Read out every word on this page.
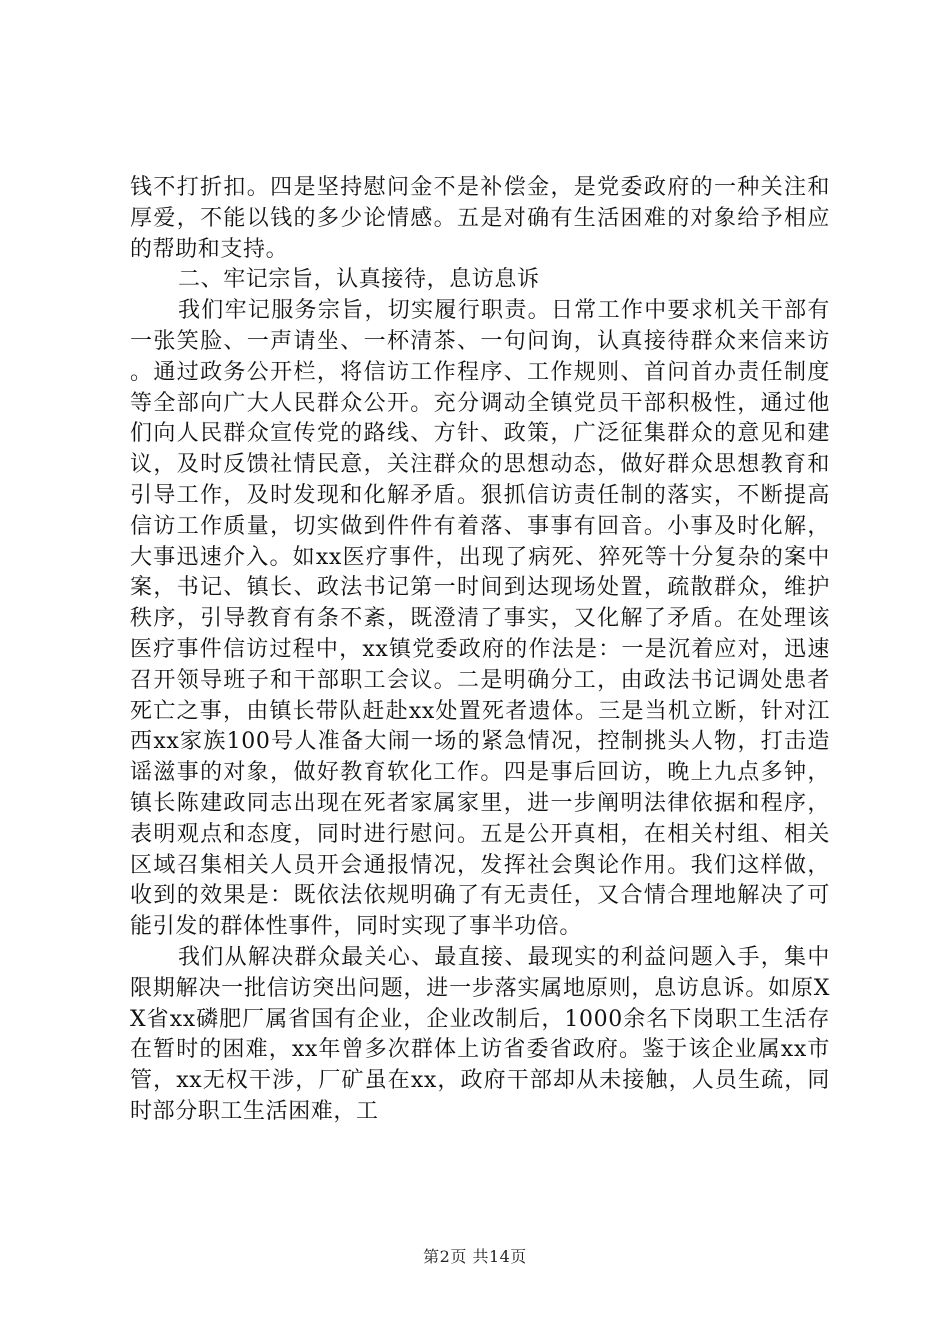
钱不打折扣。四是坚持慰问金不是补偿金，是党委政府的一种关注和厚爱，不能以钱的多少论情感。五是对确有生活困难的对象给予相应的帮助和支持。

二、牢记宗旨，认真接待，息访息诉

我们牢记服务宗旨，切实履行职责。日常工作中要求机关干部有一张笑脸、一声请坐、一杯清茶、一句问询，认真接待群众来信来访。通过政务公开栏，将信访工作程序、工作规则、首问首办责任制度等全部向广大人民群众公开。充分调动全镇党员干部积极性，通过他们向人民群众宣传党的路线、方针、政策，广泛征集群众的意见和建议，及时反馈社情民意，关注群众的思想动态，做好群众思想教育和引导工作，及时发现和化解矛盾。狠抓信访责任制的落实，不断提高信访工作质量，切实做到件件有着落、事事有回音。小事及时化解，大事迅速介入。如xx医疗事件，出现了病死、猝死等十分复杂的案中案，书记、镇长、政法书记第一时间到达现场处置，疏散群众，维护秩序，引导教育有条不紊，既澄清了事实，又化解了矛盾。在处理该医疗事件信访过程中，xx镇党委政府的作法是：一是沉着应对，迅速召开领导班子和干部职工会议。二是明确分工，由政法书记调处患者死亡之事，由镇长带队赶赴xx处置死者遗体。三是当机立断，针对江西xx家族100号人准备大闹一场的紧急情况，控制挑头人物，打击造谣滋事的对象，做好教育软化工作。四是事后回访，晚上九点多钟，镇长陈建政同志出现在死者家属家里，进一步阐明法律依据和程序，表明观点和态度，同时进行慰问。五是公开真相，在相关村组、相关区域召集相关人员开会通报情况，发挥社会舆论作用。我们这样做，收到的效果是：既依法依规明确了有无责任，又合情合理地解决了可能引发的群体性事件，同时实现了事半功倍。

我们从解决群众最关心、最直接、最现实的利益问题入手，集中限期解决一批信访突出问题，进一步落实属地原则，息访息诉。如原XX省xx磷肥厂属省国有企业，企业改制后，1000余名下岗职工生活存在暂时的困难，xx年曾多次群体上访省委省政府。鉴于该企业属xx市管，xx无权干涉，厂矿虽在xx，政府干部却从未接触，人员生疏，同时部分职工生活困难，工

第2页 共14页
